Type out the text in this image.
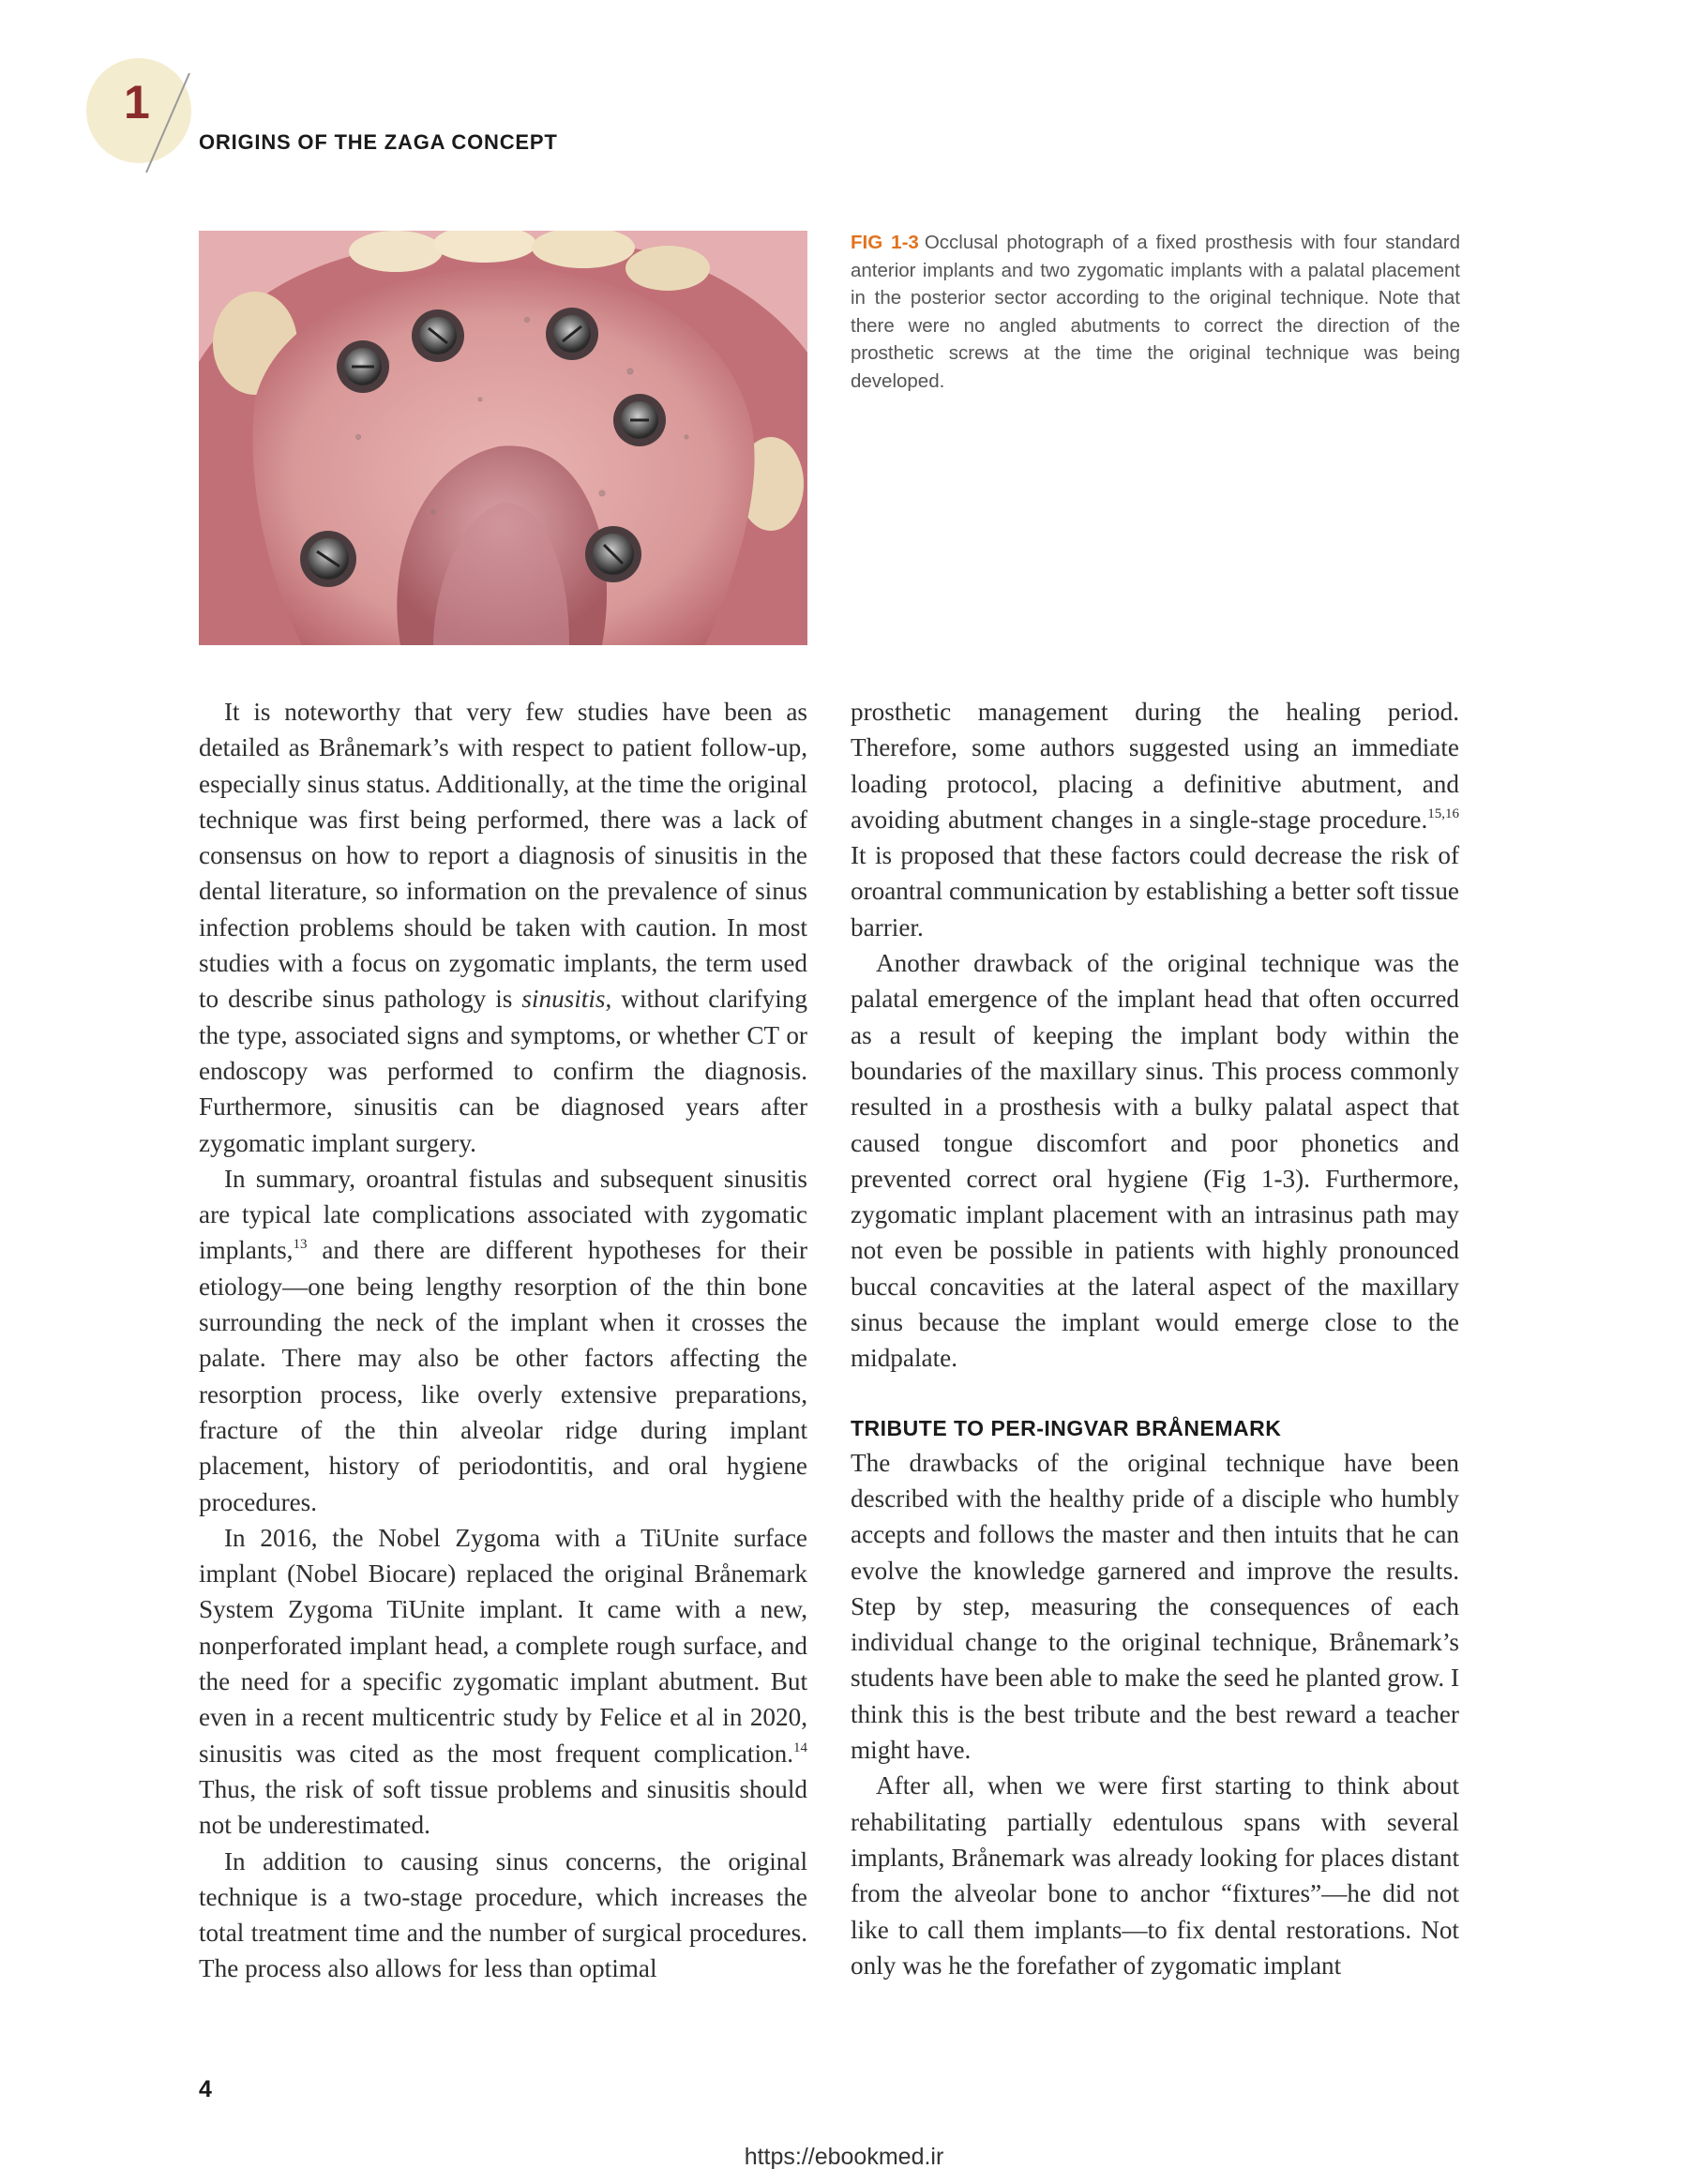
1
ORIGINS OF THE ZAGA CONCEPT
FIG 1-3 Occlusal photograph of a fixed prosthesis with four standard anterior implants and two zygomatic implants with a palatal placement in the posterior sector according to the original technique. Note that there were no angled abutments to correct the direction of the prosthetic screws at the time the original technique was being developed.

It is noteworthy that very few studies have been as detailed as Brånemark’s with respect to patient follow-up, especially sinus status. Additionally, at the time the original technique was first being performed, there was a lack of consensus on how to report a diagnosis of sinusitis in the dental literature, so information on the prevalence of sinus infection problems should be taken with caution. In most studies with a focus on zygomatic implants, the term used to describe sinus pathology is sinusitis, without clarifying the type, associated signs and symptoms, or whether CT or endoscopy was performed to confirm the diagnosis. Furthermore, sinusitis can be diagnosed years after zygomatic implant surgery.

In summary, oroantral fistulas and subsequent sinusitis are typical late complications associated with zygomatic implants,$^{13}$ and there are different hypotheses for their etiology—one being lengthy resorption of the thin bone surrounding the neck of the implant when it crosses the palate. There may also be other factors affecting the resorption process, like overly extensive preparations, fracture of the thin alveolar ridge during implant placement, history of periodontitis, and oral hygiene procedures.

In 2016, the Nobel Zygoma with a TiUnite surface implant (Nobel Biocare) replaced the original Brånemark System Zygoma TiUnite implant. It came with a new, nonperforated implant head, a complete rough surface, and the need for a specific zygomatic implant abutment. But even in a recent multicentric study by Felice et al in 2020, sinusitis was cited as the most frequent complication.$^{14}$ Thus, the risk of soft tissue problems and sinusitis should not be underestimated.

In addition to causing sinus concerns, the original technique is a two-stage procedure, which increases the total treatment time and the number of surgical procedures. The process also allows for less than optimal

prosthetic management during the healing period. Therefore, some authors suggested using an immediate loading protocol, placing a definitive abutment, and avoiding abutment changes in a single-stage procedure.$^{15,16}$ It is proposed that these factors could decrease the risk of oroantral communication by establishing a better soft tissue barrier.

Another drawback of the original technique was the palatal emergence of the implant head that often occurred as a result of keeping the implant body within the boundaries of the maxillary sinus. This process commonly resulted in a prosthesis with a bulky palatal aspect that caused tongue discomfort and poor phonetics and prevented correct oral hygiene (Fig 1-3). Furthermore, zygomatic implant placement with an intrasinus path may not even be possible in patients with highly pronounced buccal concavities at the lateral aspect of the maxillary sinus because the implant would emerge close to the midpalate.

TRIBUTE TO PER-INGVAR BRÅNEMARK

The drawbacks of the original technique have been described with the healthy pride of a disciple who humbly accepts and follows the master and then intuits that he can evolve the knowledge garnered and improve the results. Step by step, measuring the consequences of each individual change to the original technique, Brånemark’s students have been able to make the seed he planted grow. I think this is the best tribute and the best reward a teacher might have.

After all, when we were first starting to think about rehabilitating partially edentulous spans with several implants, Brånemark was already looking for places distant from the alveolar bone to anchor “fixtures”—he did not like to call them implants—to fix dental restorations. Not only was he the forefather of zygomatic implant

4
https://ebookmed.ir
